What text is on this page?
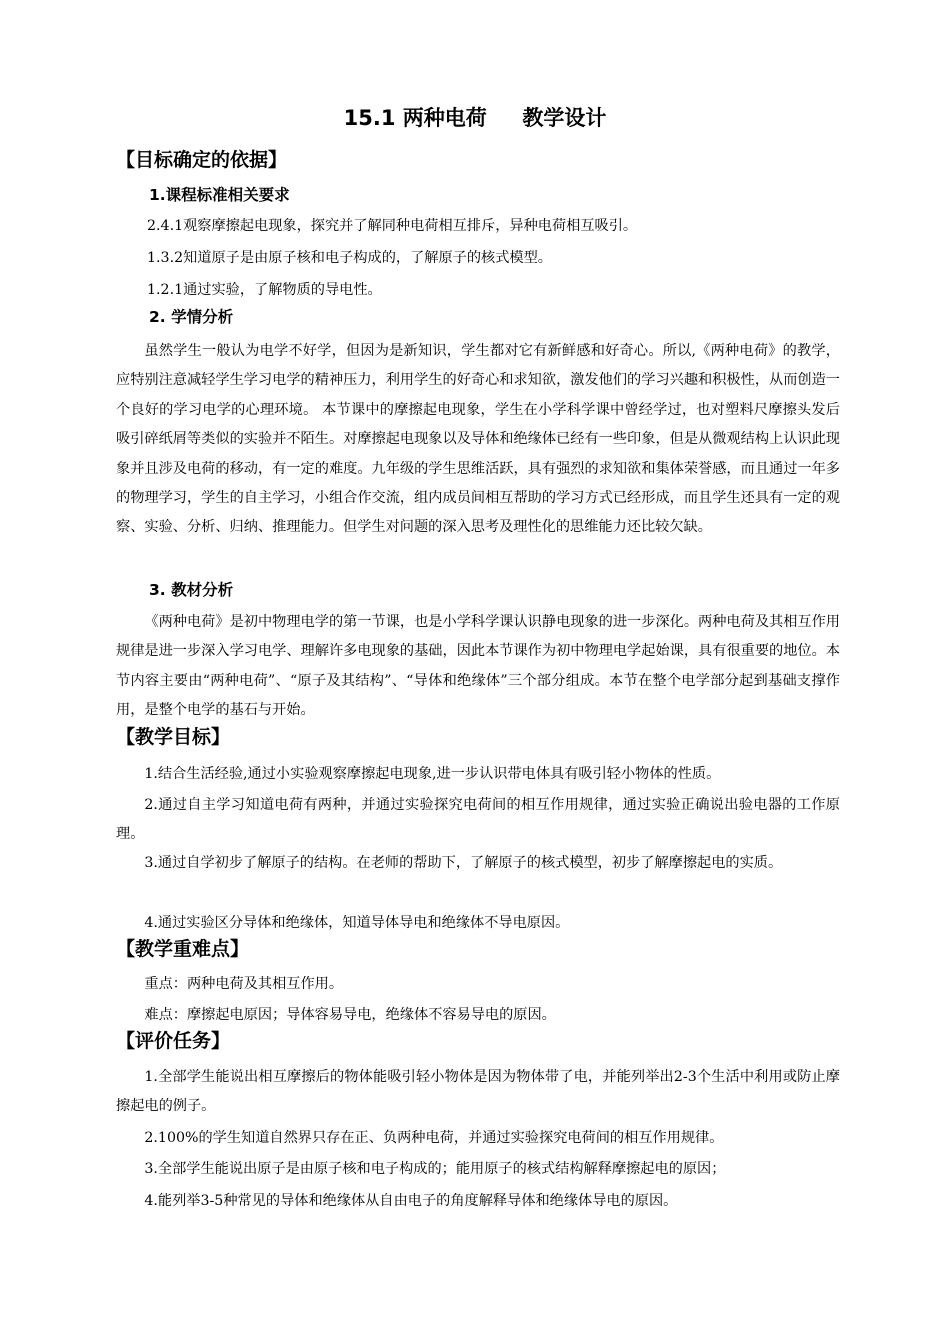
15.1 两种电荷 　 教学设计
【目标确定的依据】
1.课程标准相关要求
2.4.1观察摩擦起电现象，探究并了解同种电荷相互排斥，异种电荷相互吸引。
1.3.2知道原子是由原子核和电子构成的，了解原子的核式模型。
1.2.1通过实验，了解物质的导电性。
2. 学情分析
虽然学生一般认为电学不好学，但因为是新知识，学生都对它有新鲜感和好奇心。所以,《两种电荷》的教学，应特别注意减轻学生学习电学的精神压力，利用学生的好奇心和求知欲，激发他们的学习兴趣和积极性，从而创造一个良好的学习电学的心理环境。 本节课中的摩擦起电现象，学生在小学科学课中曾经学过，也对塑料尺摩擦头发后吸引碎纸屑等类似的实验并不陌生。对摩擦起电现象以及导体和绝缘体已经有一些印象，但是从微观结构上认识此现象并且涉及电荷的移动，有一定的难度。九年级的学生思维活跃，具有强烈的求知欲和集体荣誉感，而且通过一年多的物理学习，学生的自主学习，小组合作交流，组内成员间相互帮助的学习方式已经形成，而且学生还具有一定的观察、实验、分析、归纳、推理能力。但学生对问题的深入思考及理性化的思维能力还比较欠缺。
3. 教材分析
《两种电荷》是初中物理电学的第一节课，也是小学科学课认识静电现象的进一步深化。两种电荷及其相互作用规律是进一步深入学习电学、理解许多电现象的基础，因此本节课作为初中物理电学起始课，具有很重要的地位。本节内容主要由“两种电荷”、“原子及其结构”、“导体和绝缘体”三个部分组成。本节在整个电学部分起到基础支撑作用，是整个电学的基石与开始。
【教学目标】
1.结合生活经验,通过小实验观察摩擦起电现象,进一步认识带电体具有吸引轻小物体的性质。
2.通过自主学习知道电荷有两种，并通过实验探究电荷间的相互作用规律，通过实验正确说出验电器的工作原理。
3.通过自学初步了解原子的结构。在老师的帮助下，了解原子的核式模型，初步了解摩擦起电的实质。
4.通过实验区分导体和绝缘体，知道导体导电和绝缘体不导电原因。
【教学重难点】
重点：两种电荷及其相互作用。
难点：摩擦起电原因；导体容易导电，绝缘体不容易导电的原因。
【评价任务】
1.全部学生能说出相互摩擦后的物体能吸引轻小物体是因为物体带了电，并能列举出2-3个生活中利用或防止摩擦起电的例子。
2.100%的学生知道自然界只存在正、负两种电荷，并通过实验探究电荷间的相互作用规律。
3.全部学生能说出原子是由原子核和电子构成的；能用原子的核式结构解释摩擦起电的原因；
4.能列举3-5种常见的导体和绝缘体从自由电子的角度解释导体和绝缘体导电的原因。
